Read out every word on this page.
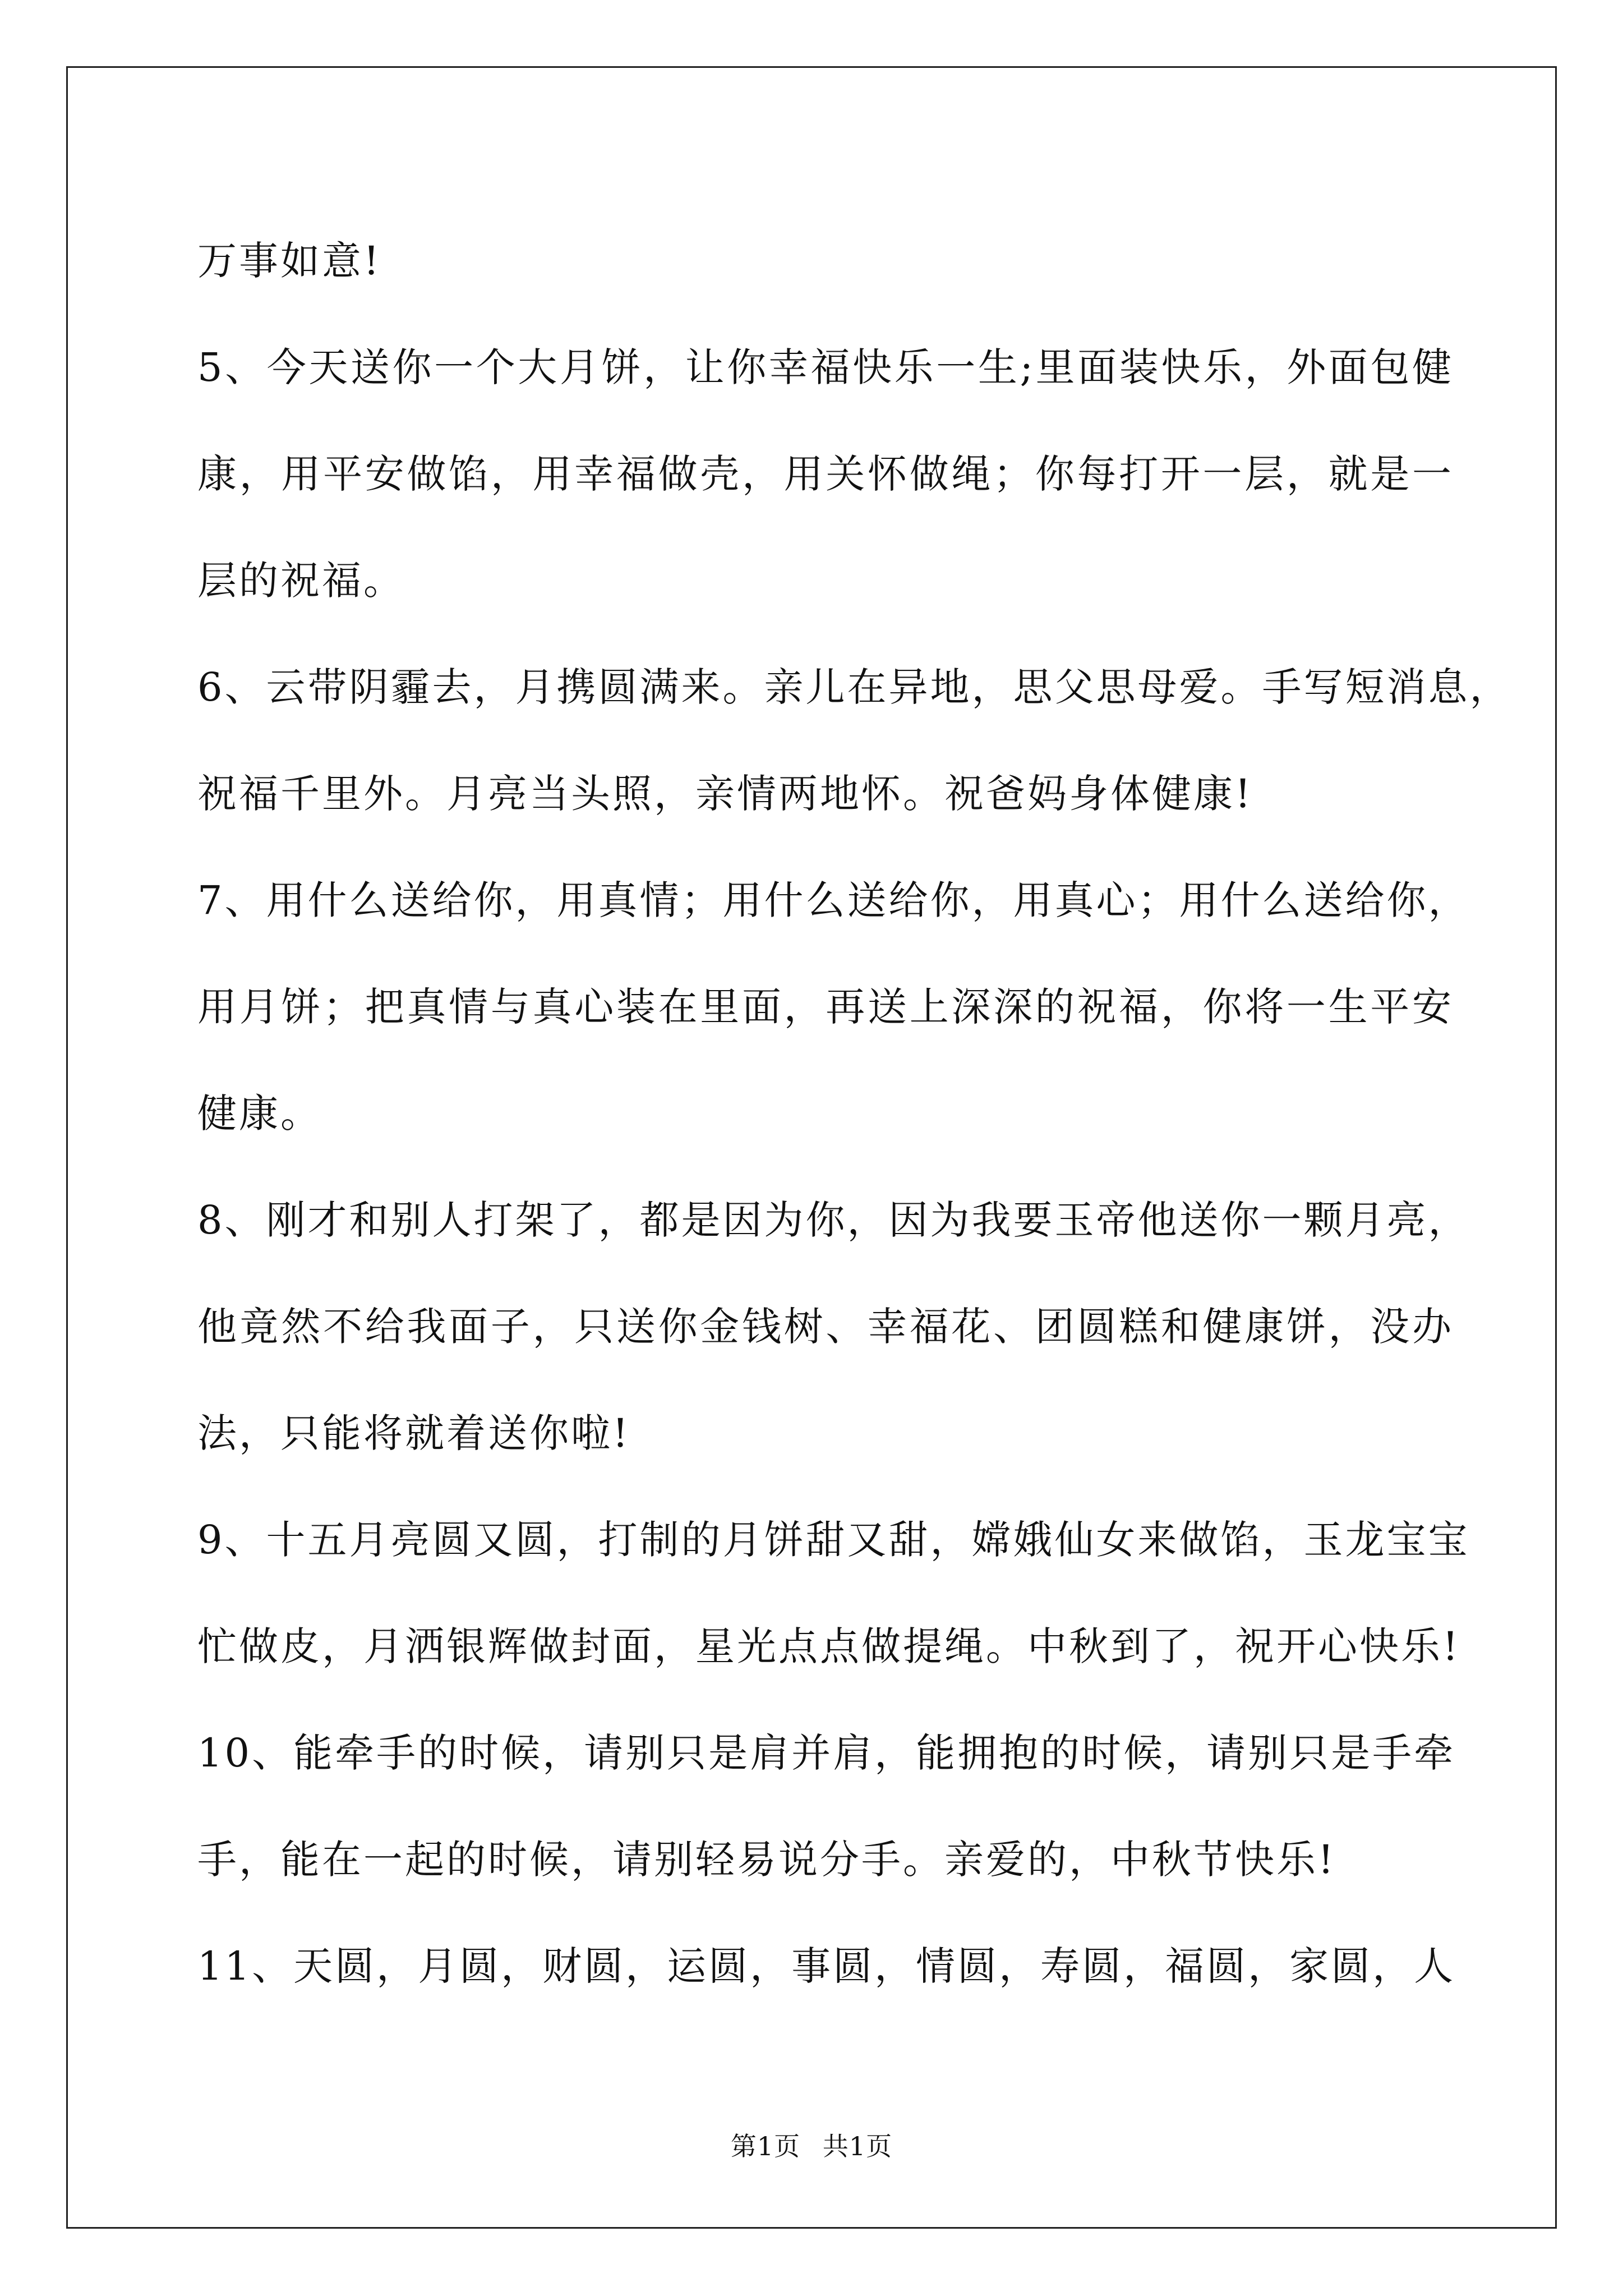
万事如意!
5、今天送你一个大月饼，让你幸福快乐一生;里面装快乐，外面包健
康，用平安做馅，用幸福做壳，用关怀做绳；你每打开一层，就是一
层的祝福。
6、云带阴霾去，月携圆满来。亲儿在异地，思父思母爱。手写短消息，
祝福千里外。月亮当头照，亲情两地怀。祝爸妈身体健康!
7、用什么送给你，用真情；用什么送给你，用真心；用什么送给你，
用月饼；把真情与真心装在里面，再送上深深的祝福，你将一生平安
健康。
8、刚才和别人打架了，都是因为你，因为我要玉帝他送你一颗月亮，
他竟然不给我面子，只送你金钱树、幸福花、团圆糕和健康饼，没办
法，只能将就着送你啦!
9、十五月亮圆又圆，打制的月饼甜又甜，嫦娥仙女来做馅，玉龙宝宝
忙做皮，月洒银辉做封面，星光点点做提绳。中秋到了，祝开心快乐!
10、能牵手的时候，请别只是肩并肩，能拥抱的时候，请别只是手牵
手，能在一起的时候，请别轻易说分手。亲爱的，中秋节快乐!
11、天圆，月圆，财圆，运圆，事圆，情圆，寿圆，福圆，家圆，人
第1页 共1页
